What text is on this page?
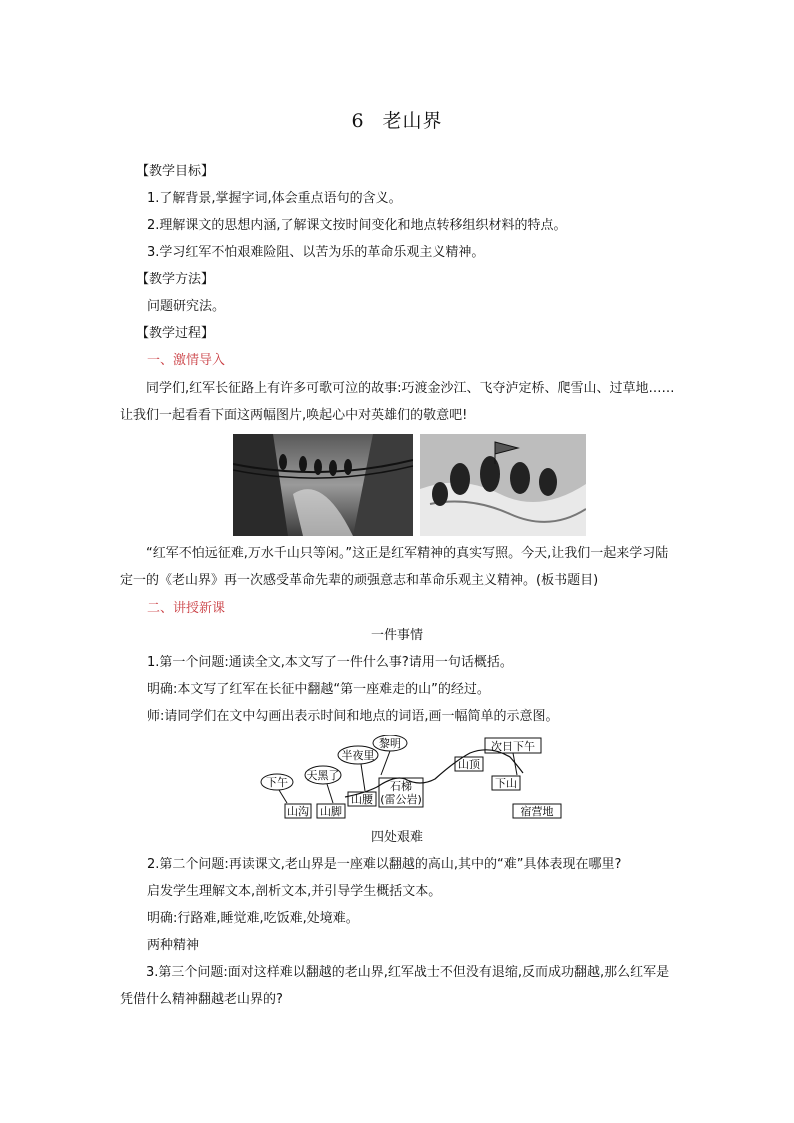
6 老山界
【教学目标】
1.了解背景,掌握字词,体会重点语句的含义。
2.理解课文的思想内涵,了解课文按时间变化和地点转移组织材料的特点。
3.学习红军不怕艰难险阻、以苦为乐的革命乐观主义精神。
【教学方法】
问题研究法。
【教学过程】
一、激情导入
同学们,红军长征路上有许多可歌可泣的故事:巧渡金沙江、飞夺泸定桥、爬雪山、过草地……让我们一起看看下面这两幅图片,唤起心中对英雄们的敬意吧!
“红军不怕远征难,万水千山只等闲。”这正是红军精神的真实写照。今天,让我们一起来学习陆定一的《老山界》再一次感受革命先辈的顽强意志和革命乐观主义精神。(板书题目)
二、讲授新课
一件事情
1.第一个问题:通读全文,本文写了一件什么事?请用一句话概括。
明确:本文写了红军在长征中翻越“第一座难走的山”的经过。
师:请同学们在文中勾画出表示时间和地点的词语,画一幅简单的示意图。
下午
天黑了
半夜里
黎明	次日下午
山沟 山脚
山腰
石梯
(雷公岩)
山顶
下山
宿营地
四处艰难
2.第二个问题:再读课文,老山界是一座难以翻越的高山,其中的“难”具体表现在哪里?
启发学生理解文本,剖析文本,并引导学生概括文本。
明确:行路难,睡觉难,吃饭难,处境难。
两种精神
3.第三个问题:面对这样难以翻越的老山界,红军战士不但没有退缩,反而成功翻越,那么红军是凭借什么精神翻越老山界的?
